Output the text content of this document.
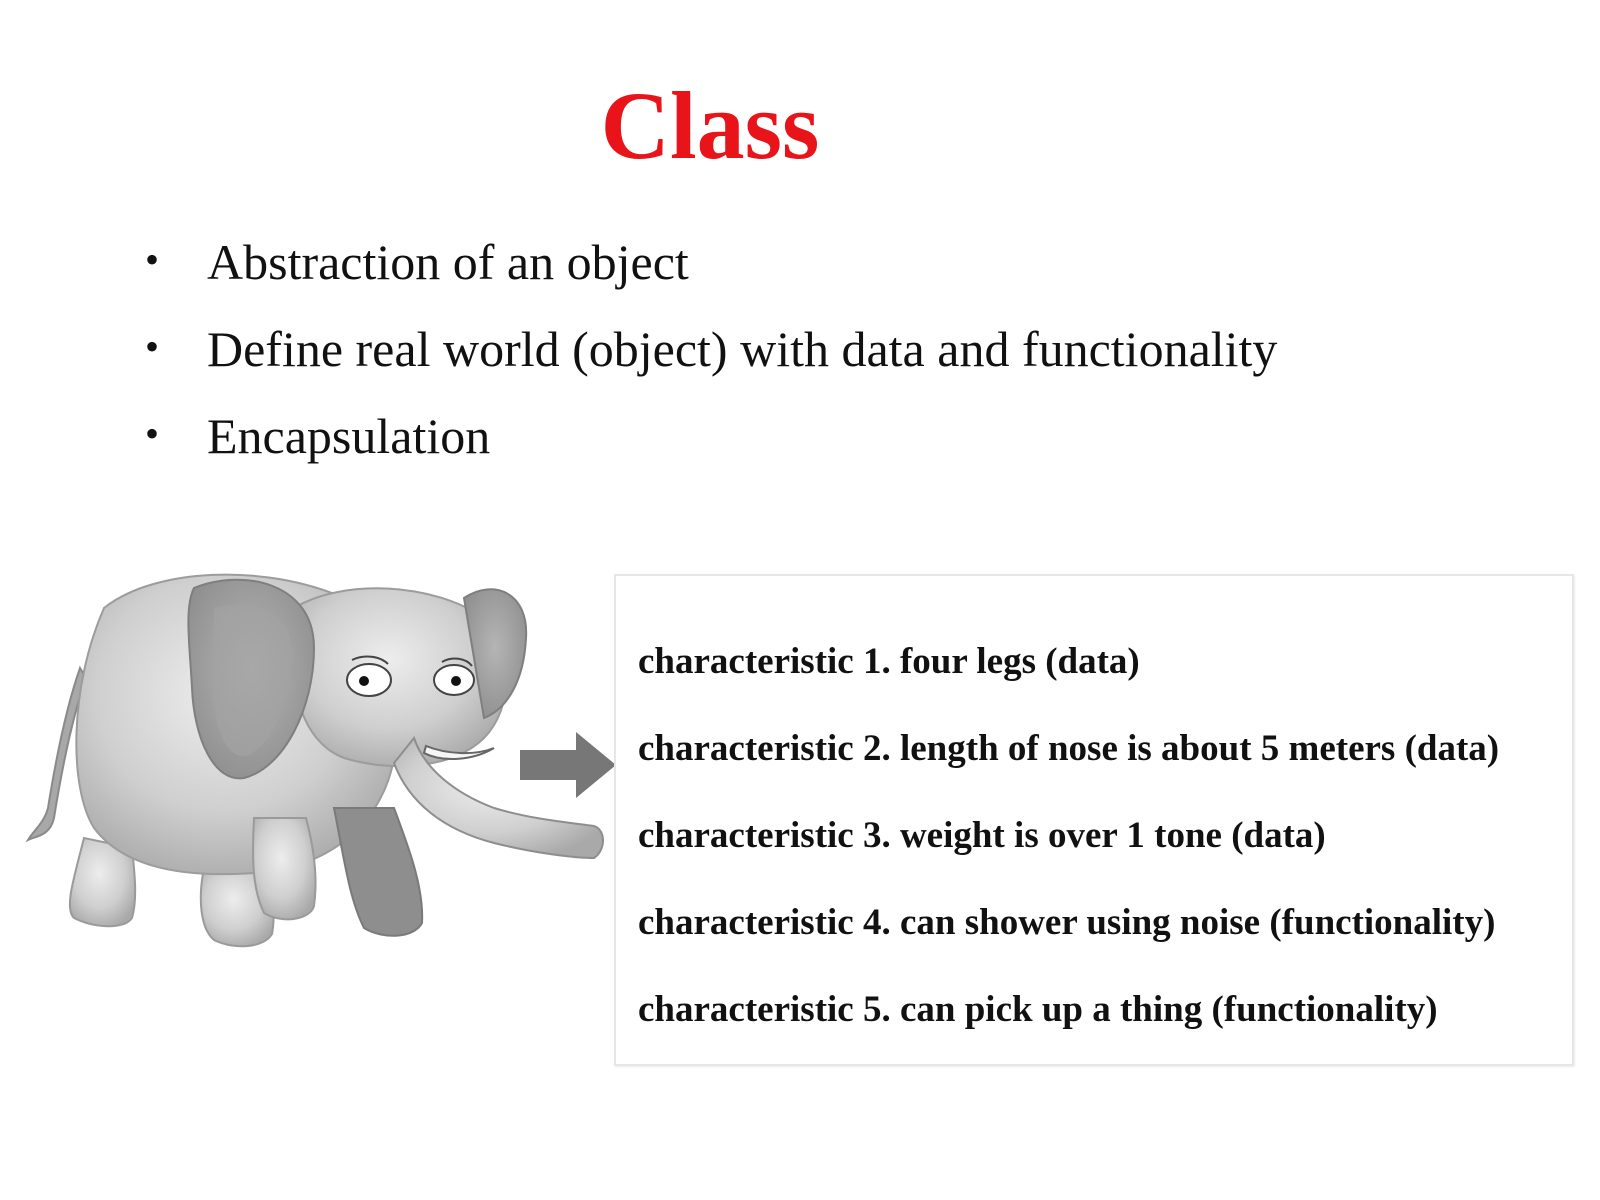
Class
• Abstraction of an object
• Define real world (object) with data and functionality
• Encapsulation
characteristic 1. four legs (data)
characteristic 2. length of nose is about 5 meters (data)
characteristic 3. weight is over 1 tone (data)
characteristic 4. can shower using noise (functionality)
characteristic 5. can pick up a thing (functionality)
